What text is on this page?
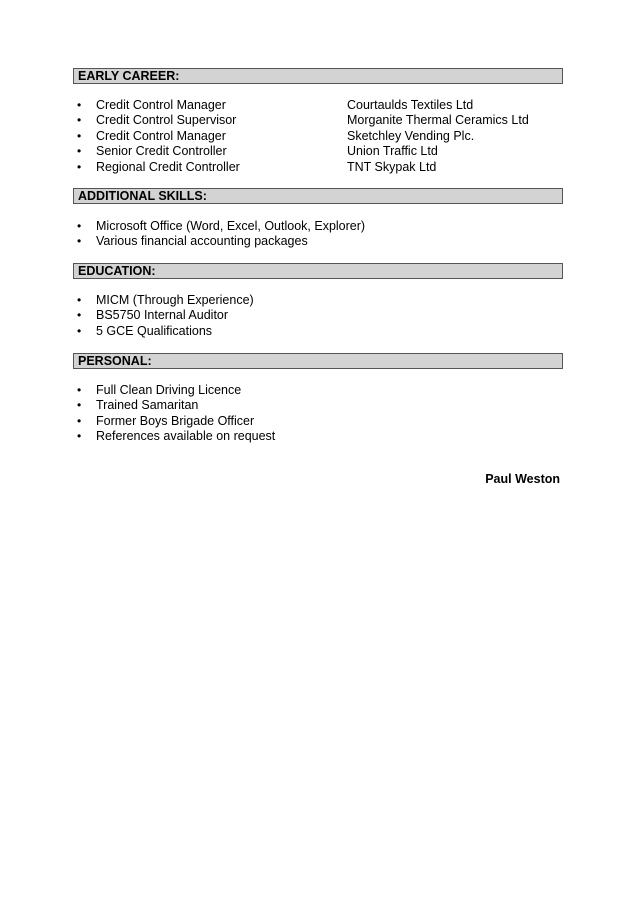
EARLY CAREER:
• Credit Control Manager	Courtaulds Textiles Ltd
• Credit Control Supervisor	Morganite Thermal Ceramics Ltd
• Credit Control Manager	Sketchley Vending Plc.
• Senior Credit Controller	Union Traffic Ltd
• Regional Credit Controller	TNT Skypak Ltd
ADDITIONAL SKILLS:
• Microsoft Office (Word, Excel, Outlook, Explorer)
• Various financial accounting packages
EDUCATION:
• MICM (Through Experience)
• BS5750 Internal Auditor
• 5 GCE Qualifications
PERSONAL:
• Full Clean Driving Licence
• Trained Samaritan
• Former Boys Brigade Officer
• References available on request
Paul Weston
